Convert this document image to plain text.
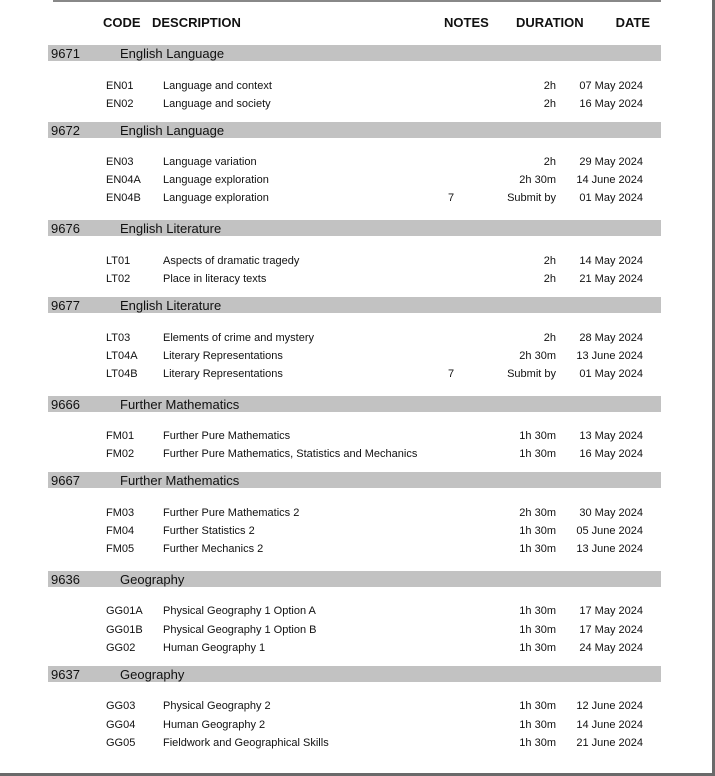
CODE DESCRIPTION	NOTES DURATION DATE
9671	English Language
EN01	Language and context	2h 07 May 2024
EN02	Language and society	2h 16 May 2024
9672	English Language
EN03	Language variation	2h 29 May 2024
EN04A Language exploration	2h 30m 14 June 2024
EN04B Language exploration	7	Submit by 01 May 2024
9676	English Literature
LT01	Aspects of dramatic tragedy	2h 14 May 2024
LT02	Place in literacy texts	2h 21 May 2024
9677	English Literature
LT03	Elements of crime and mystery	2h 28 May 2024
LT04A Literary Representations	2h 30m 13 June 2024
LT04B Literary Representations	7	Submit by 01 May 2024
9666	Further Mathematics
FM01	Further Pure Mathematics	1h 30m 13 May 2024
FM02	Further Pure Mathematics, Statistics and Mechanics	1h 30m 16 May 2024
9667	Further Mathematics
FM03	Further Pure Mathematics 2	2h 30m 30 May 2024
FM04	Further Statistics 2	1h 30m 05 June 2024
FM05	Further Mechanics 2	1h 30m 13 June 2024
9636	Geography
GG01A Physical Geography 1 Option A	1h 30m 17 May 2024
GG01B Physical Geography 1 Option B	1h 30m 17 May 2024
GG02	Human Geography 1	1h 30m 24 May 2024
9637	Geography
GG03	Physical Geography 2	1h 30m 12 June 2024
GG04	Human Geography 2	1h 30m 14 June 2024
GG05	Fieldwork and Geographical Skills	1h 30m 21 June 2024
